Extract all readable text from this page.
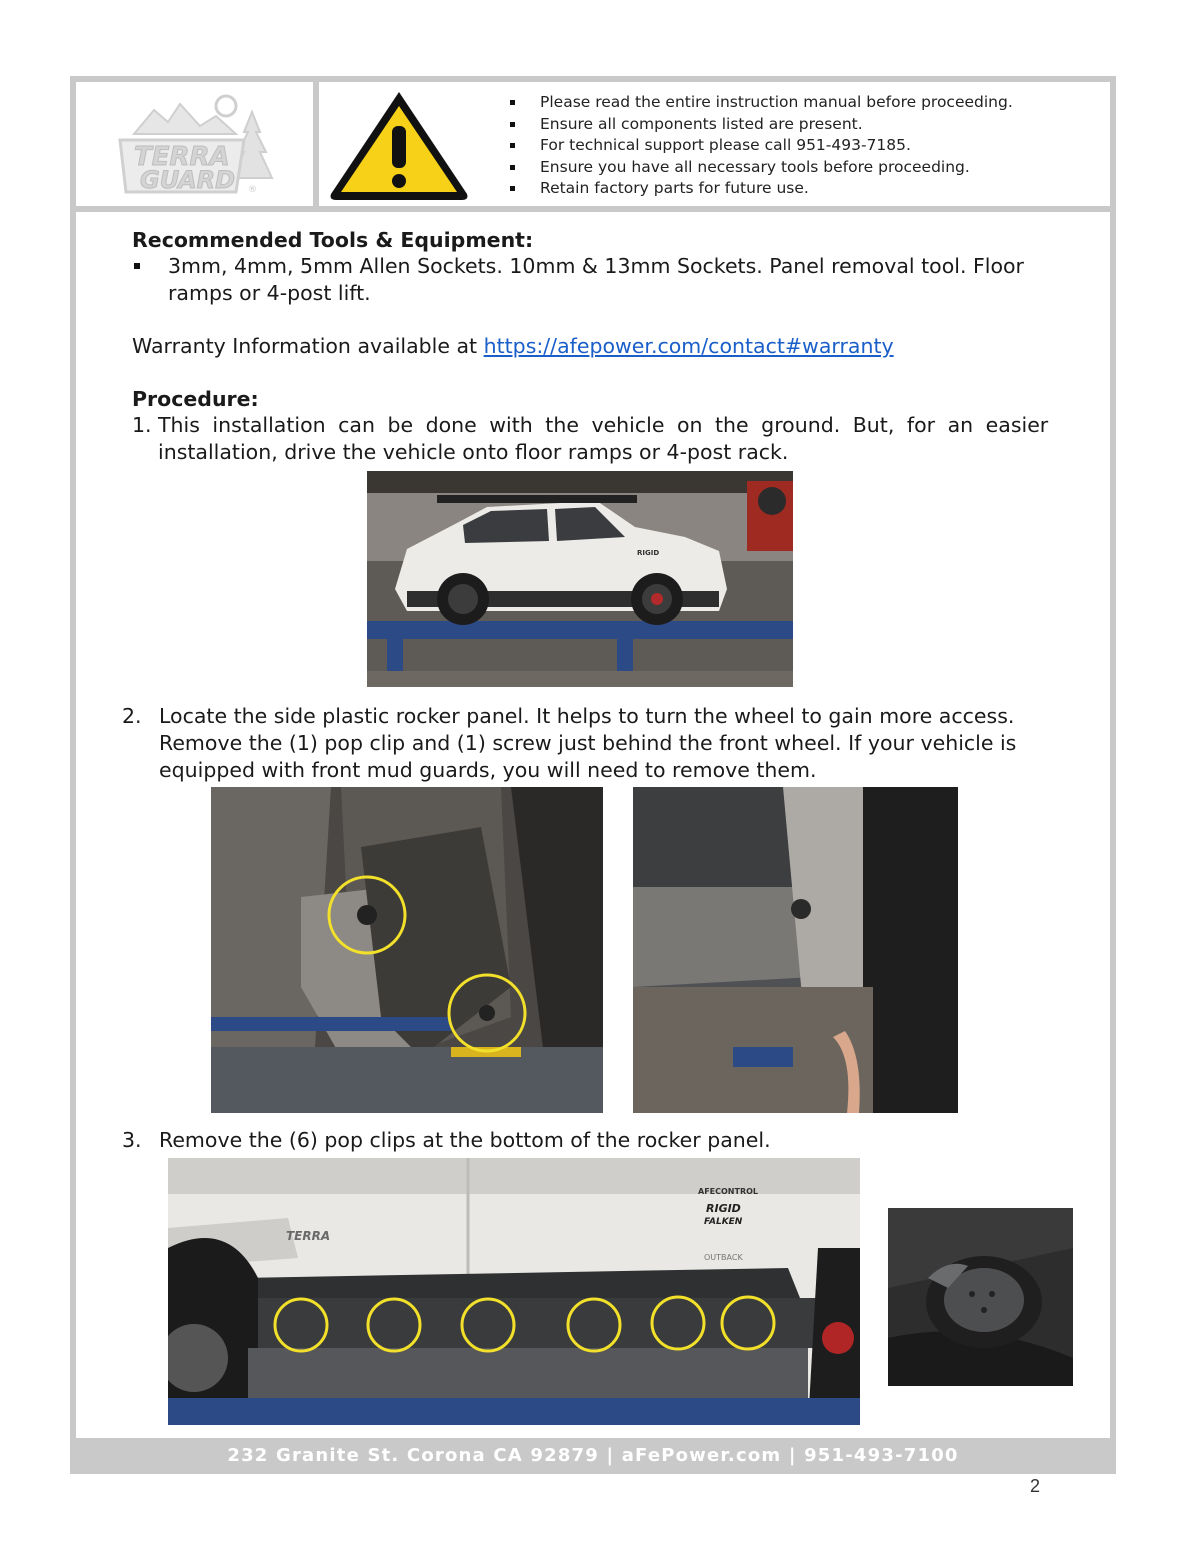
TERRA
GUARD ®
Please read the entire instruction manual before proceeding.
Ensure all components listed are present.
For technical support please call 951-493-7185.
Ensure you have all necessary tools before proceeding.
Retain factory parts for future use.
Recommended Tools & Equipment:
3mm, 4mm, 5mm Allen Sockets. 10mm & 13mm Sockets. Panel removal tool. Floor
ramps or 4-post lift.
Warranty Information available at https://afepower.com/contact#warranty
Procedure:
1. This installation can be done with the vehicle on the ground. But, for an easier
installation, drive the vehicle onto floor ramps or 4-post rack.
RIGID
2. Locate the side plastic rocker panel. It helps to turn the wheel to gain more access.
Remove the (1) pop clip and (1) screw just behind the front wheel. If your vehicle is
equipped with front mud guards, you will need to remove them.
3. Remove the (6) pop clips at the bottom of the rocker panel.
AFECONTROL
RIGID
FALKEN
OUTBACK
TERRA
232 Granite St. Corona CA 92879 | aFePower.com | 951-493-7100
2
